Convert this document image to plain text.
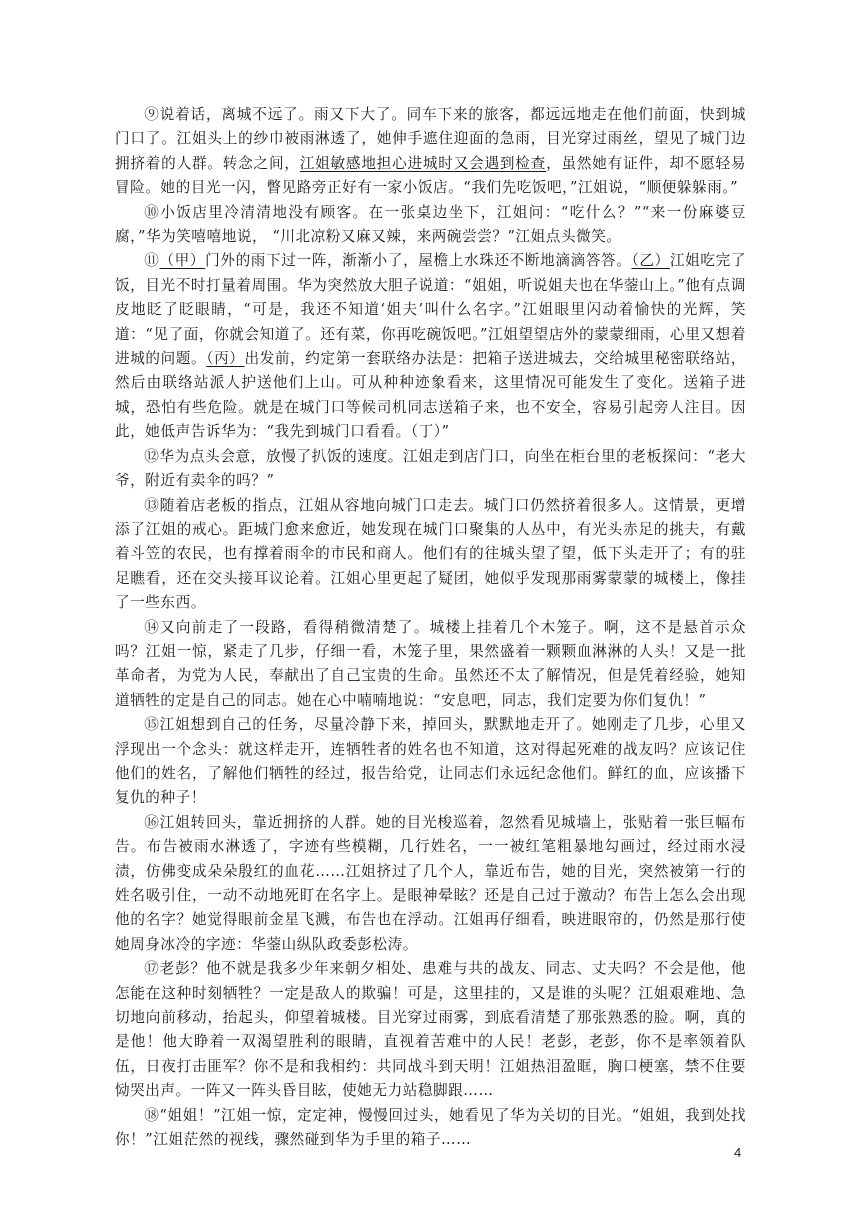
⑨说着话，离城不远了。雨又下大了。同车下来的旅客，都远远地走在他们前面，快到城门口了。江姐头上的纱巾被雨淋透了，她伸手遮住迎面的急雨，目光穿过雨丝，望见了城门边拥挤着的人群。转念之间，江姐敏感地担心进城时又会遇到检查，虽然她有证件，却不愿轻易冒险。她的目光一闪，瞥见路旁正好有一家小饭店。“我们先吃饭吧，”江姐说，“顺便躲躲雨。”

⑩小饭店里冷清清地没有顾客。在一张桌边坐下，江姐问：“吃什么？”“来一份麻婆豆腐，”华为笑嘻嘻地说， “川北凉粉又麻又辣，来两碗尝尝？”江姐点头微笑。

⑪（甲）门外的雨下过一阵，渐渐小了，屋檐上水珠还不断地滴滴答答。（乙）江姐吃完了饭，目光不时打量着周围。华为突然放大胆子说道：“姐姐，听说姐夫也在华蓥山上。”他有点调皮地眨了眨眼睛，“可是，我还不知道‘姐夫’叫什么名字。”江姐眼里闪动着愉快的光辉，笑道：“见了面，你就会知道了。还有菜，你再吃碗饭吧。”江姐望望店外的蒙蒙细雨，心里又想着进城的问题。（丙）出发前，约定第一套联络办法是：把箱子送进城去，交给城里秘密联络站，然后由联络站派人护送他们上山。可从种种迹象看来，这里情况可能发生了变化。送箱子进城，恐怕有些危险。就是在城门口等候司机同志送箱子来，也不安全，容易引起旁人注目。因此，她低声告诉华为：“我先到城门口看看。（丁）”

⑫华为点头会意，放慢了扒饭的速度。江姐走到店门口，向坐在柜台里的老板探问：“老大爷，附近有卖伞的吗？”

⑬随着店老板的指点，江姐从容地向城门口走去。城门口仍然挤着很多人。这情景，更增添了江姐的戒心。距城门愈来愈近，她发现在城门口聚集的人丛中，有光头赤足的挑夫，有戴着斗笠的农民，也有撑着雨伞的市民和商人。他们有的往城头望了望，低下头走开了；有的驻足瞧看，还在交头接耳议论着。江姐心里更起了疑团，她似乎发现那雨雾蒙蒙的城楼上，像挂了一些东西。

⑭又向前走了一段路，看得稍微清楚了。城楼上挂着几个木笼子。啊，这不是悬首示众吗？江姐一惊，紧走了几步，仔细一看，木笼子里，果然盛着一颗颗血淋淋的人头！又是一批革命者，为党为人民，奉献出了自己宝贵的生命。虽然还不太了解情况，但是凭着经验，她知道牺牲的定是自己的同志。她在心中喃喃地说：“安息吧，同志，我们定要为你们复仇！”

⑮江姐想到自己的任务，尽量冷静下来，掉回头，默默地走开了。她刚走了几步，心里又浮现出一个念头：就这样走开，连牺牲者的姓名也不知道，这对得起死难的战友吗？应该记住他们的姓名，了解他们牺牲的经过，报告给党，让同志们永远纪念他们。鲜红的血，应该播下复仇的种子！

⑯江姐转回头，靠近拥挤的人群。她的目光梭巡着，忽然看见城墙上，张贴着一张巨幅布告。布告被雨水淋透了，字迹有些模糊，几行姓名，一一被红笔粗暴地勾画过，经过雨水浸渍，仿佛变成朵朵殷红的血花……江姐挤过了几个人，靠近布告，她的目光，突然被第一行的姓名吸引住，一动不动地死盯在名字上。是眼神晕眩？还是自己过于激动？布告上怎么会出现他的名字？她觉得眼前金星飞溅，布告也在浮动。江姐再仔细看，映进眼帘的，仍然是那行使她周身冰冷的字迹：华蓥山纵队政委彭松涛。

⑰老彭？他不就是我多少年来朝夕相处、患难与共的战友、同志、丈夫吗？不会是他，他怎能在这种时刻牺牲？一定是敌人的欺骗！可是，这里挂的，又是谁的头呢？江姐艰难地、急切地向前移动，抬起头，仰望着城楼。目光穿过雨雾，到底看清楚了那张熟悉的脸。啊，真的是他！他大睁着一双渴望胜利的眼睛，直视着苦难中的人民！老彭，老彭，你不是率领着队伍，日夜打击匪军？你不是和我相约：共同战斗到天明！江姐热泪盈眶，胸口梗塞，禁不住要恸哭出声。一阵又一阵头昏目眩，使她无力站稳脚跟……

⑱“姐姐！”江姐一惊，定定神，慢慢回过头，她看见了华为关切的目光。“姐姐，我到处找你！”江姐茫然的视线，骤然碰到华为手里的箱子……

4
